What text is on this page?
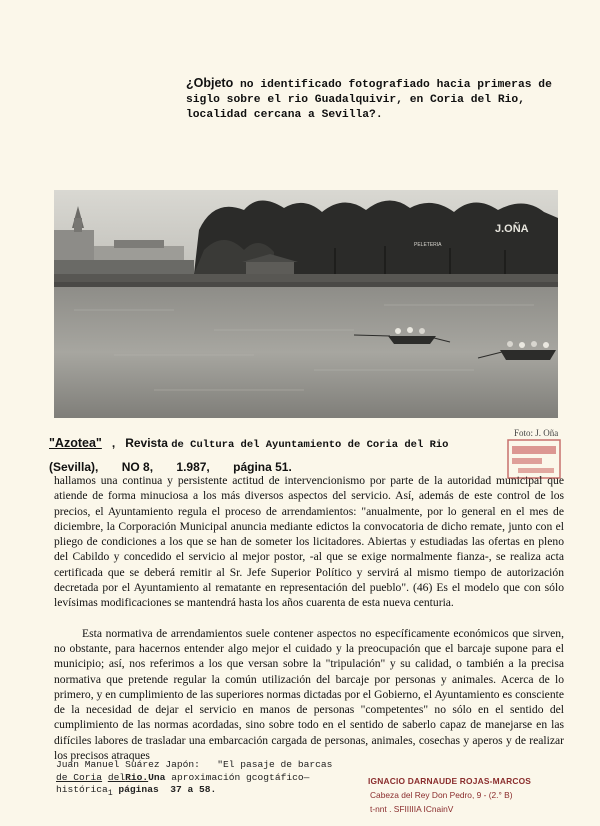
¿Objeto no identificado fotografiado hacia primeras de siglo sobre el rio Guadalquivir, en Coria del Rio, localidad cercana a Sevilla?.
J.OÑA
PELETERIA
Foto: J. Oña
"Azotea" , Revista de Cultura del Ayuntamiento de Coria del Rio
(Sevilla), NO 8, 1.987, página 51.

hallamos una continua y persistente actitud de intervencionismo por parte de la autoridad municipal que atiende de forma minuciosa a los más diversos aspectos del servicio. Así, además de este control de los precios, el Ayuntamiento regula el proceso de arrendamientos: "anualmente, por lo general en el mes de diciembre, la Corporación Municipal anuncia mediante edictos la convocatoria de dicho remate, junto con el pliego de condiciones a los que se han de someter los licitadores. Abiertas y estudiadas las ofertas en pleno del Cabildo y concedido el servicio al mejor postor, -al que se exige normalmente fianza-, se realiza acta certificada que se deberá remitir al Sr. Jefe Superior Político y servirá al mismo tiempo de autorización decretada por el Ayuntamiento al rematante en representación del pueblo". (46) Es el modelo que con sólo levísimas modificaciones se mantendrá hasta los años cuarenta de esta nueva centuria.

Esta normativa de arrendamientos suele contener aspectos no específicamente económicos que sirven, no obstante, para hacernos entender algo mejor el cuidado y la preocupación que el barcaje supone para el municipio; así, nos referimos a los que versan sobre la "tripulación" y su calidad, o también a la precisa normativa que pretende regular la común utilización del barcaje por personas y animales. Acerca de lo primero, y en cumplimiento de las superiores normas dictadas por el Gobierno, el Ayuntamiento es consciente de la necesidad de dejar el servicio en manos de personas "competentes" no sólo en el sentido del cumplimiento de las normas acordadas, sino sobre todo en el sentido de saberlo capaz de manejarse en las difíciles labores de trasladar una embarcación cargada de personas, animales, cosechas y aperos y de realizar los precisos atraques

Juan Manuel Suárez Japón: "El pasaje de barcas
de Coria delRio.Una aproximación gcogtáfico—
histórica$_1$ páginas 37 a 58.
IGNACIO DARNAUDE ROJAS-MARCOS
Cabeza del Rey Don Pedro, 9 - (2.° B)
t-nnt . SFIIIIIA ICnainV
